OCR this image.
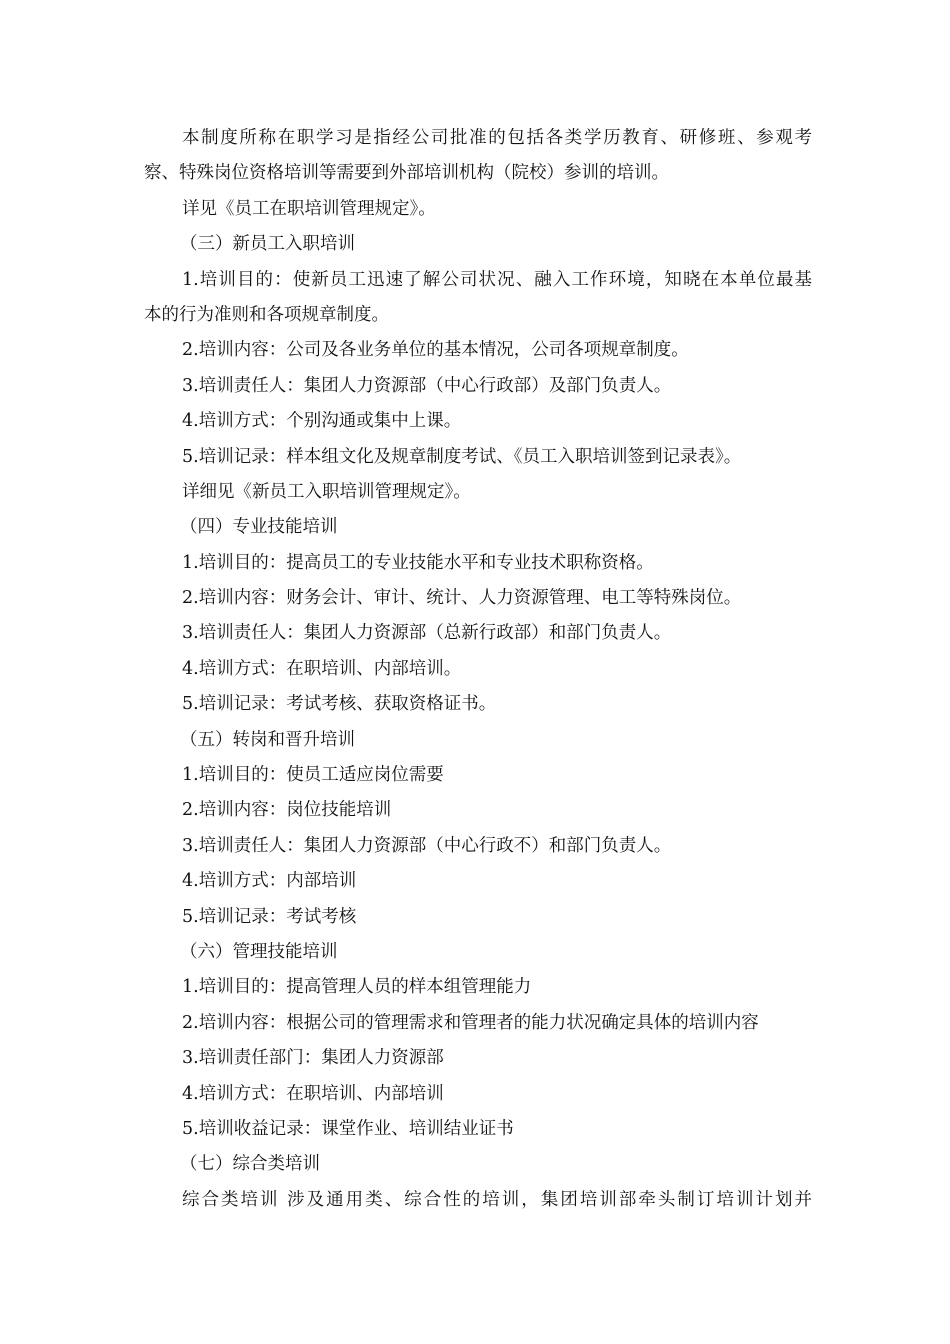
本制度所称在职学习是指经公司批准的包括各类学历教育、研修班、参观考
察、特殊岗位资格培训等需要到外部培训机构（院校）参训的培训。
详见《员工在职培训管理规定》。
（三）新员工入职培训
1.培训目的：使新员工迅速了解公司状况、融入工作环境，知晓在本单位最基
本的行为准则和各项规章制度。
2.培训内容：公司及各业务单位的基本情况，公司各项规章制度。
3.培训责任人：集团人力资源部（中心行政部）及部门负责人。
4.培训方式：个别沟通或集中上课。
5.培训记录：样本组文化及规章制度考试、《员工入职培训签到记录表》。
详细见《新员工入职培训管理规定》。
（四）专业技能培训
1.培训目的：提高员工的专业技能水平和专业技术职称资格。
2.培训内容：财务会计、审计、统计、人力资源管理、电工等特殊岗位。
3.培训责任人：集团人力资源部（总新行政部）和部门负责人。
4.培训方式：在职培训、内部培训。
5.培训记录：考试考核、获取资格证书。
（五）转岗和晋升培训
1.培训目的：使员工适应岗位需要
2.培训内容：岗位技能培训
3.培训责任人：集团人力资源部（中心行政不）和部门负责人。
4.培训方式：内部培训
5.培训记录：考试考核
（六）管理技能培训
1.培训目的：提高管理人员的样本组管理能力
2.培训内容：根据公司的管理需求和管理者的能力状况确定具体的培训内容
3.培训责任部门：集团人力资源部
4.培训方式：在职培训、内部培训
5.培训收益记录：课堂作业、培训结业证书
（七）综合类培训
综合类培训 涉及通用类、综合性的培训，集团培训部牵头制订培训计划并
